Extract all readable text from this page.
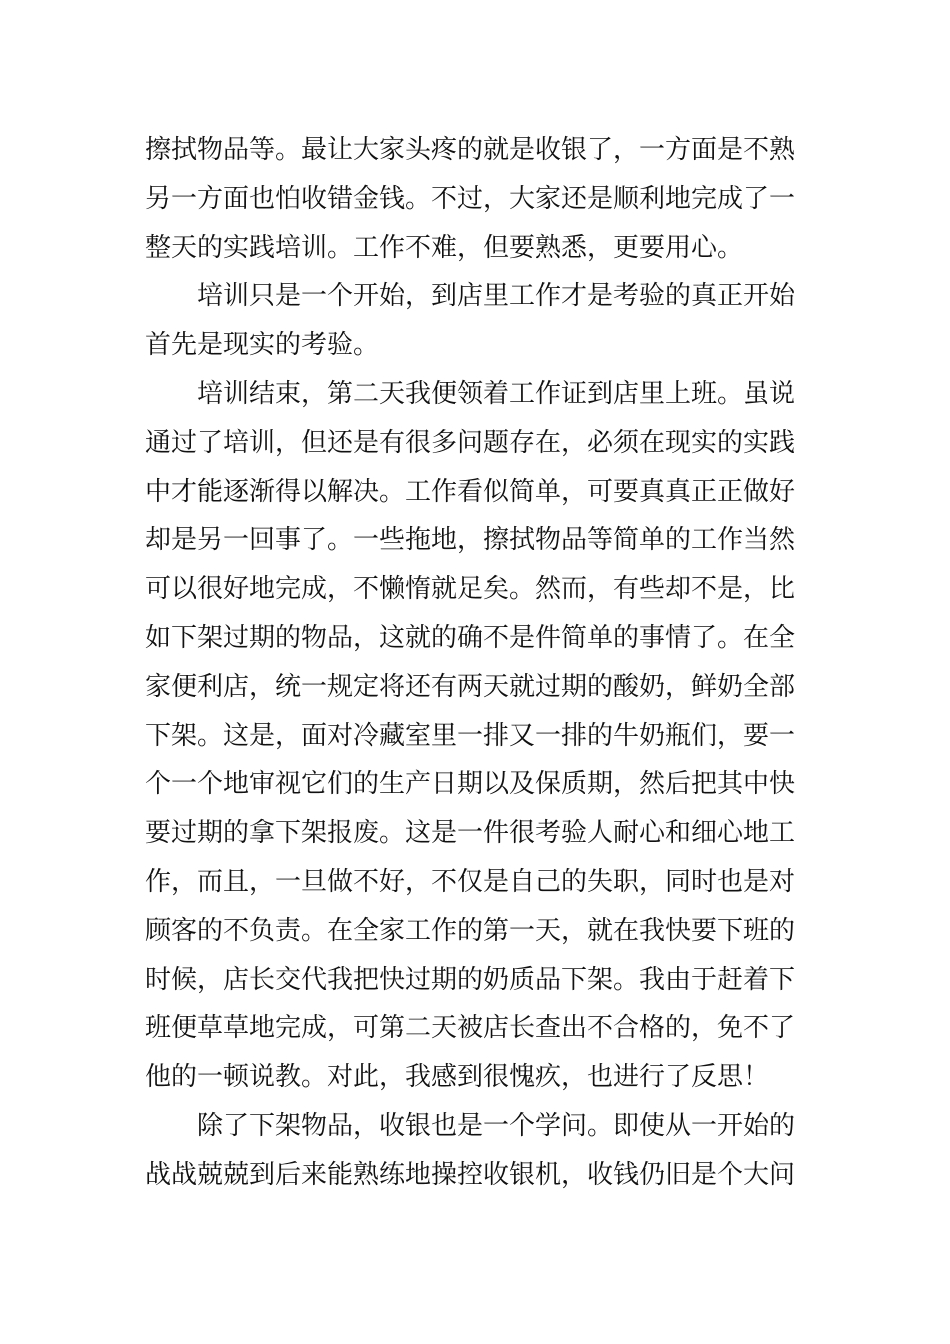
擦拭物品等。最让大家头疼的就是收银了，一方面是不熟
另一方面也怕收错金钱。不过，大家还是顺利地完成了一
整天的实践培训。工作不难，但要熟悉，更要用心。
培训只是一个开始，到店里工作才是考验的真正开始
首先是现实的考验。
培训结束，第二天我便领着工作证到店里上班。虽说
通过了培训，但还是有很多问题存在，必须在现实的实践
中才能逐渐得以解决。工作看似简单，可要真真正正做好
却是另一回事了。一些拖地，擦拭物品等简单的工作当然
可以很好地完成，不懒惰就足矣。然而，有些却不是，比
如下架过期的物品，这就的确不是件简单的事情了。在全
家便利店，统一规定将还有两天就过期的酸奶，鲜奶全部
下架。这是，面对冷藏室里一排又一排的牛奶瓶们，要一
个一个地审视它们的生产日期以及保质期，然后把其中快
要过期的拿下架报废。这是一件很考验人耐心和细心地工
作，而且，一旦做不好，不仅是自己的失职，同时也是对
顾客的不负责。在全家工作的第一天，就在我快要下班的
时候，店长交代我把快过期的奶质品下架。我由于赶着下
班便草草地完成，可第二天被店长查出不合格的，免不了
他的一顿说教。对此，我感到很愧疚，也进行了反思！
除了下架物品，收银也是一个学问。即使从一开始的
战战兢兢到后来能熟练地操控收银机，收钱仍旧是个大问
